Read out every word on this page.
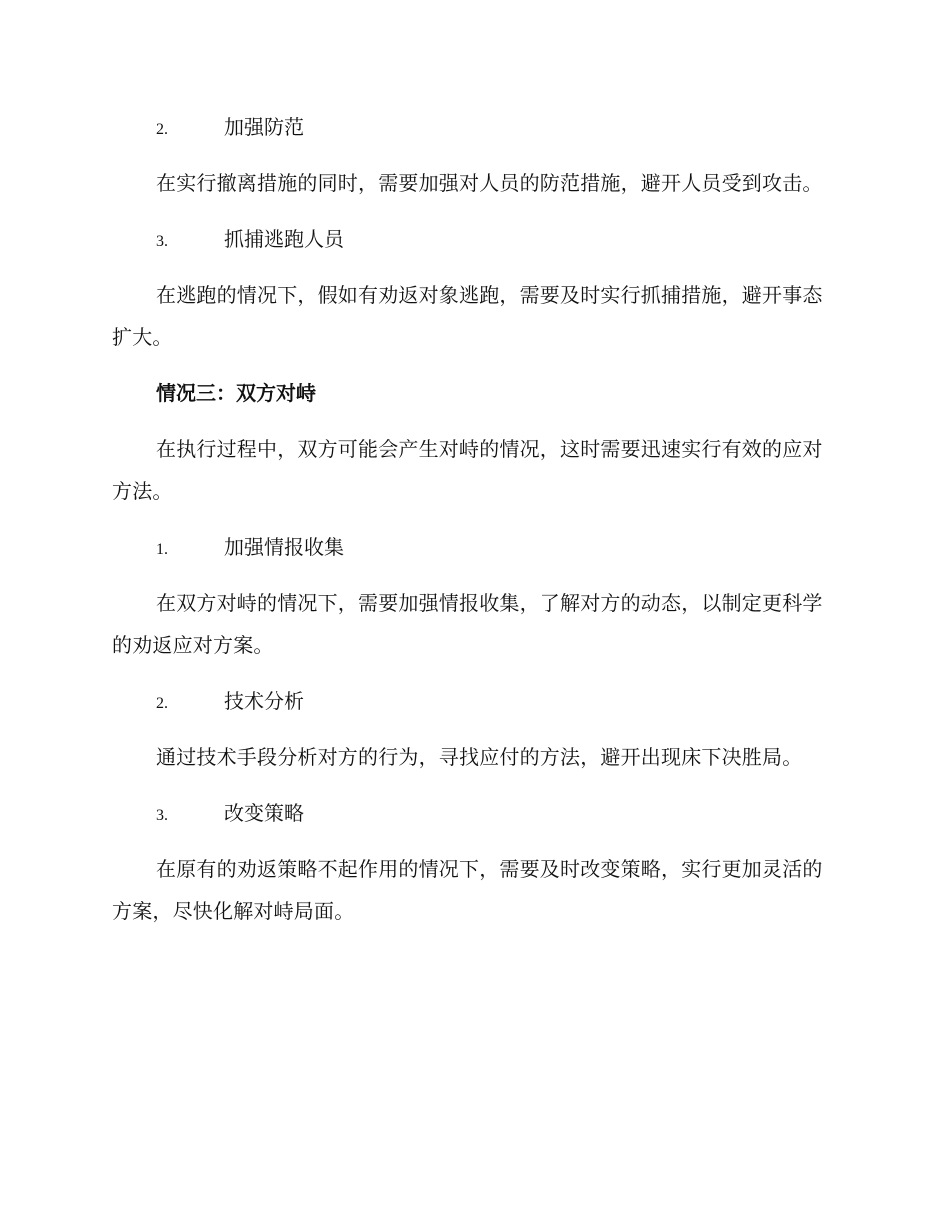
2.	加强防范

在实行撤离措施的同时，需要加强对人员的防范措施，避开人员受到攻击。

3.	抓捕逃跑人员

在逃跑的情况下，假如有劝返对象逃跑，需要及时实行抓捕措施，避开事态扩大。

情况三：双方对峙

在执行过程中，双方可能会产生对峙的情况，这时需要迅速实行有效的应对方法。

1.	加强情报收集

在双方对峙的情况下，需要加强情报收集，了解对方的动态，以制定更科学的劝返应对方案。

2.	技术分析

通过技术手段分析对方的行为，寻找应付的方法，避开出现床下决胜局。

3.	改变策略

在原有的劝返策略不起作用的情况下，需要及时改变策略，实行更加灵活的方案，尽快化解对峙局面。
